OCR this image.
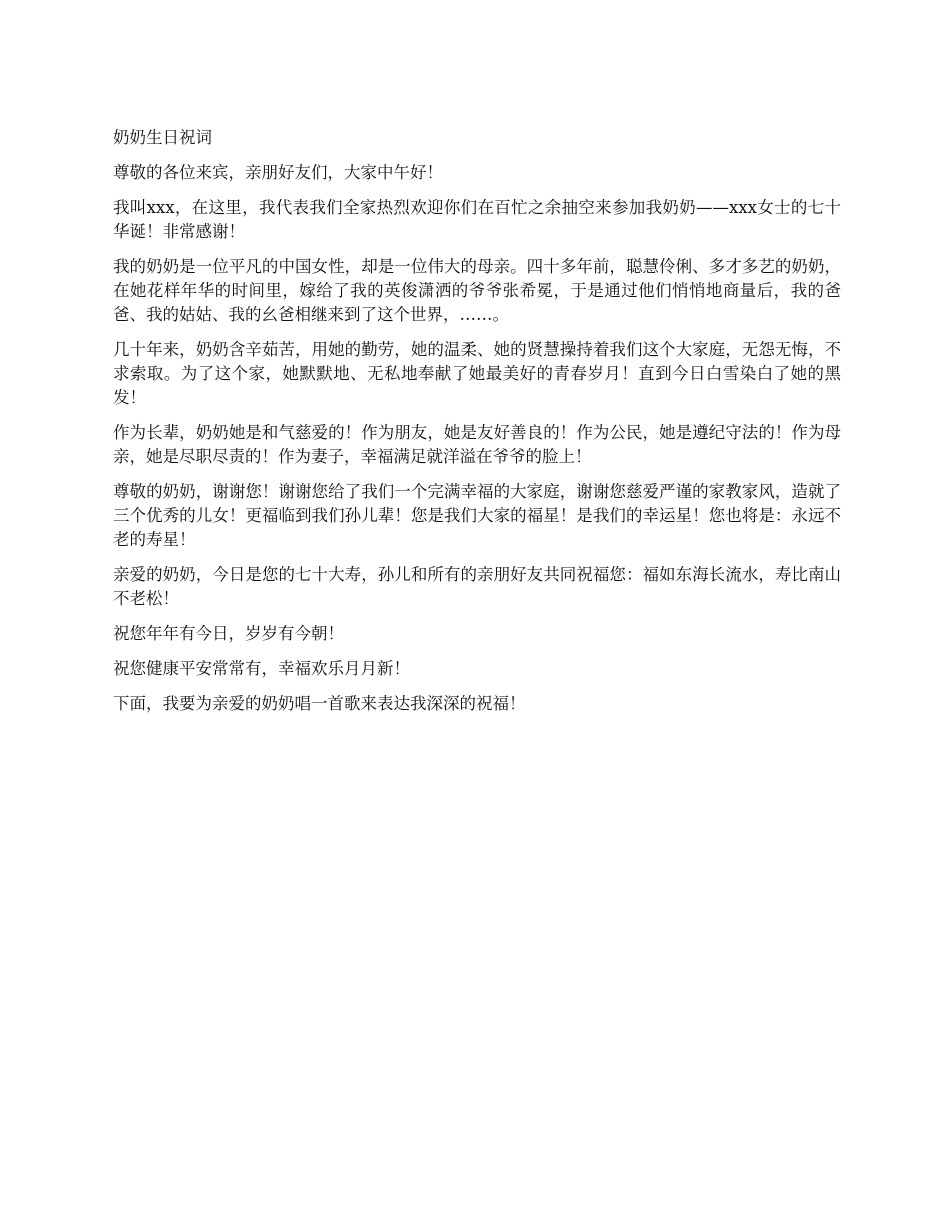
奶奶生日祝词
尊敬的各位来宾，亲朋好友们，大家中午好！
我叫xxx，在这里，我代表我们全家热烈欢迎你们在百忙之余抽空来参加我奶奶——xxx女士的七十华诞！非常感谢！
我的奶奶是一位平凡的中国女性，却是一位伟大的母亲。四十多年前，聪慧伶俐、多才多艺的奶奶，在她花样年华的时间里，嫁给了我的英俊潇洒的爷爷张希冕，于是通过他们悄悄地商量后，我的爸爸、我的姑姑、我的幺爸相继来到了这个世界，……。
几十年来，奶奶含辛茹苦，用她的勤劳，她的温柔、她的贤慧操持着我们这个大家庭，无怨无悔，不求索取。为了这个家，她默默地、无私地奉献了她最美好的青春岁月！直到今日白雪染白了她的黑发！
作为长辈，奶奶她是和气慈爱的！作为朋友，她是友好善良的！作为公民，她是遵纪守法的！作为母亲，她是尽职尽责的！作为妻子，幸福满足就洋溢在爷爷的脸上！
尊敬的奶奶，谢谢您！谢谢您给了我们一个完满幸福的大家庭，谢谢您慈爱严谨的家教家风，造就了三个优秀的儿女！更福临到我们孙儿辈！您是我们大家的福星！是我们的幸运星！您也将是：永远不老的寿星！
亲爱的奶奶，今日是您的七十大寿，孙儿和所有的亲朋好友共同祝福您：福如东海长流水，寿比南山不老松！
祝您年年有今日，岁岁有今朝！
祝您健康平安常常有，幸福欢乐月月新！
下面，我要为亲爱的奶奶唱一首歌来表达我深深的祝福！
